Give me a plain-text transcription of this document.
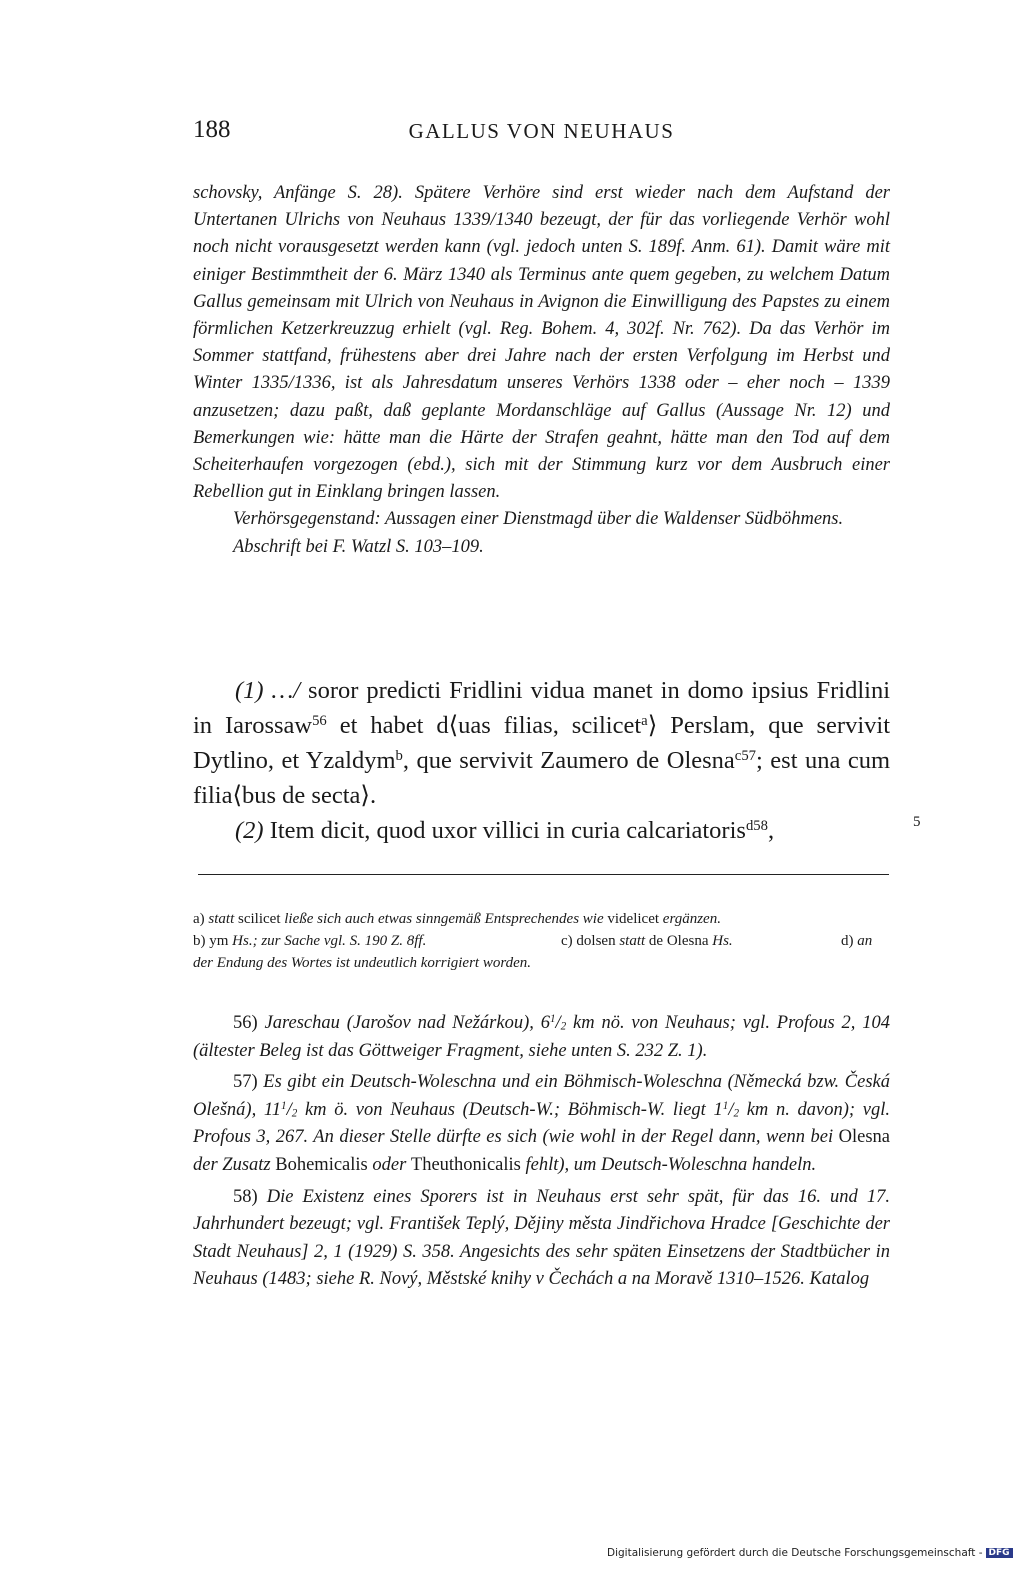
188	GALLUS VON NEUHAUS

schovsky, Anfänge S. 28). Spätere Verhöre sind erst wieder nach dem Aufstand der Untertanen Ulrichs von Neuhaus 1339/1340 bezeugt, der für das vorliegende Verhör wohl noch nicht vorausgesetzt werden kann (vgl. jedoch unten S. 189f. Anm. 61). Damit wäre mit einiger Bestimmtheit der 6. März 1340 als Terminus ante quem gegeben, zu welchem Datum Gallus gemeinsam mit Ulrich von Neuhaus in Avignon die Einwilligung des Papstes zu einem förmlichen Ketzerkreuzzug erhielt (vgl. Reg. Bohem. 4, 302f. Nr. 762). Da das Verhör im Sommer stattfand, frühestens aber drei Jahre nach der ersten Verfolgung im Herbst und Winter 1335/1336, ist als Jahresdatum unseres Verhörs 1338 oder – eher noch – 1339 anzusetzen; dazu paßt, daß geplante Mordanschläge auf Gallus (Aussage Nr. 12) und Bemerkungen wie: hätte man die Härte der Strafen geahnt, hätte man den Tod auf dem Scheiterhaufen vorgezogen (ebd.), sich mit der Stimmung kurz vor dem Ausbruch einer Rebellion gut in Einklang bringen lassen.

Verhörsgegenstand: Aussagen einer Dienstmagd über die Waldenser Südböhmens.

Abschrift bei F. Watzl S. 103–109.

(1) …/ soror predicti Fridlini vidua manet in domo ipsius Fridlini in Iarossaw$^{56}$ et habet d⟨uas filias, scilicet$^a$⟩ Perslam, que servivit Dytlino, et Yzaldym$^b$, que servivit Zaumero de Olesna$^{c57}$; est una cum filia⟨bus de secta⟩.

(2) Item dicit, quod uxor villici in curia calcariatoris$^{d58}$,	5
a) statt scilicet ließe sich auch etwas sinngemäß Entsprechendes wie videlicet ergänzen.
b) ym Hs.; zur Sache vgl. S. 190 Z. 8ff.	c) dolsen statt de Olesna Hs.	d) an
der Endung des Wortes ist undeutlich korrigiert worden.

56) Jareschau (Jarošov nad Nežárkou), $6^1/_2$ km nö. von Neuhaus; vgl. Profous 2, 104 (ältester Beleg ist das Göttweiger Fragment, siehe unten S. 232 Z. 1).

57) Es gibt ein Deutsch-Woleschna und ein Böhmisch-Woleschna (Německá bzw. Česká Olešná), $11^1/_2$ km ö. von Neuhaus (Deutsch-W.; Böhmisch-W. liegt $1^1/_2$ km n. davon); vgl. Profous 3, 267. An dieser Stelle dürfte es sich (wie wohl in der Regel dann, wenn bei Olesna der Zusatz Bohemicalis oder Theuthonicalis fehlt), um Deutsch-Woleschna handeln.

58) Die Existenz eines Sporers ist in Neuhaus erst sehr spät, für das 16. und 17. Jahrhundert bezeugt; vgl. František Teplý, Dějiny města Jindřichova Hradce [Geschichte der Stadt Neuhaus] 2, 1 (1929) S. 358. Angesichts des sehr späten Einsetzens der Stadtbücher in Neuhaus (1483; siehe R. Nový, Městské knihy v Čechách a na Moravě 1310–1526. Katalog

Digitalisierung gefördert durch die Deutsche Forschungsgemeinschaft - DFG
